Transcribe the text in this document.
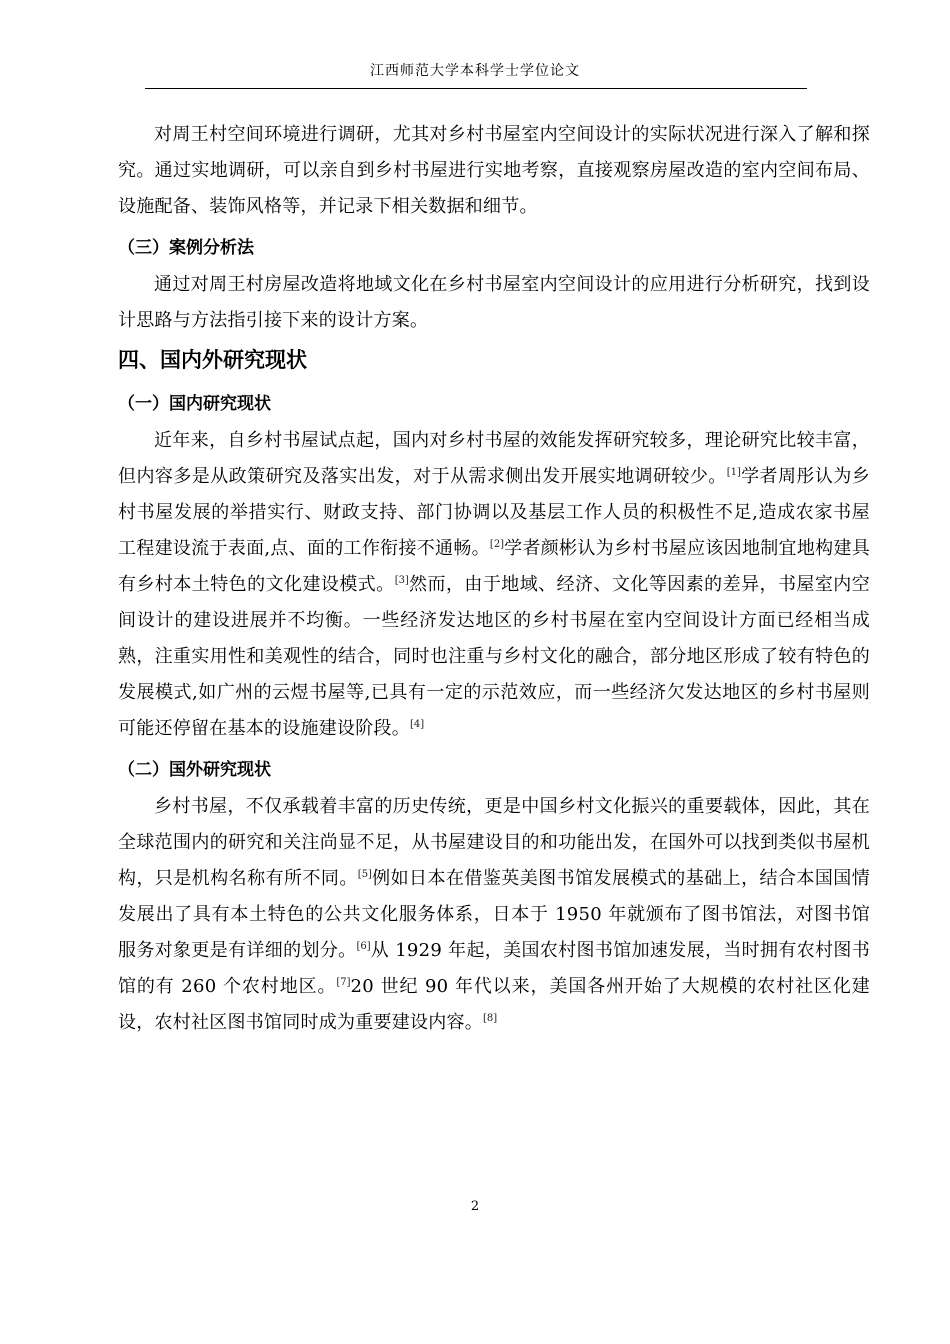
江西师范大学本科学士学位论文

对周王村空间环境进行调研，尤其对乡村书屋室内空间设计的实际状况进行深入了解和探究。通过实地调研，可以亲自到乡村书屋进行实地考察，直接观察房屋改造的室内空间布局、设施配备、装饰风格等，并记录下相关数据和细节。

（三）案例分析法

通过对周王村房屋改造将地域文化在乡村书屋室内空间设计的应用进行分析研究，找到设计思路与方法指引接下来的设计方案。

四、国内外研究现状
（一）国内研究现状

近年来，自乡村书屋试点起，国内对乡村书屋的效能发挥研究较多，理论研究比较丰富，但内容多是从政策研究及落实出发，对于从需求侧出发开展实地调研较少。[1]学者周彤认为乡村书屋发展的举措实行、财政支持、部门协调以及基层工作人员的积极性不足,造成农家书屋工程建设流于表面,点、面的工作衔接不通畅。[2]学者颜彬认为乡村书屋应该因地制宜地构建具有乡村本土特色的文化建设模式。[3]然而，由于地域、经济、文化等因素的差异，书屋室内空间设计的建设进展并不均衡。一些经济发达地区的乡村书屋在室内空间设计方面已经相当成熟，注重实用性和美观性的结合，同时也注重与乡村文化的融合，部分地区形成了较有特色的发展模式,如广州的云煜书屋等,已具有一定的示范效应，而一些经济欠发达地区的乡村书屋则可能还停留在基本的设施建设阶段。[4]

（二）国外研究现状

乡村书屋，不仅承载着丰富的历史传统，更是中国乡村文化振兴的重要载体，因此，其在全球范围内的研究和关注尚显不足，从书屋建设目的和功能出发，在国外可以找到类似书屋机构，只是机构名称有所不同。[5]例如日本在借鉴英美图书馆发展模式的基础上，结合本国国情发展出了具有本土特色的公共文化服务体系，日本于 1950 年就颁布了图书馆法，对图书馆服务对象更是有详细的划分。[6]从 1929 年起，美国农村图书馆加速发展，当时拥有农村图书馆的有 260 个农村地区。[7]20 世纪 90 年代以来，美国各州开始了大规模的农村社区化建设，农村社区图书馆同时成为重要建设内容。[8]

2
